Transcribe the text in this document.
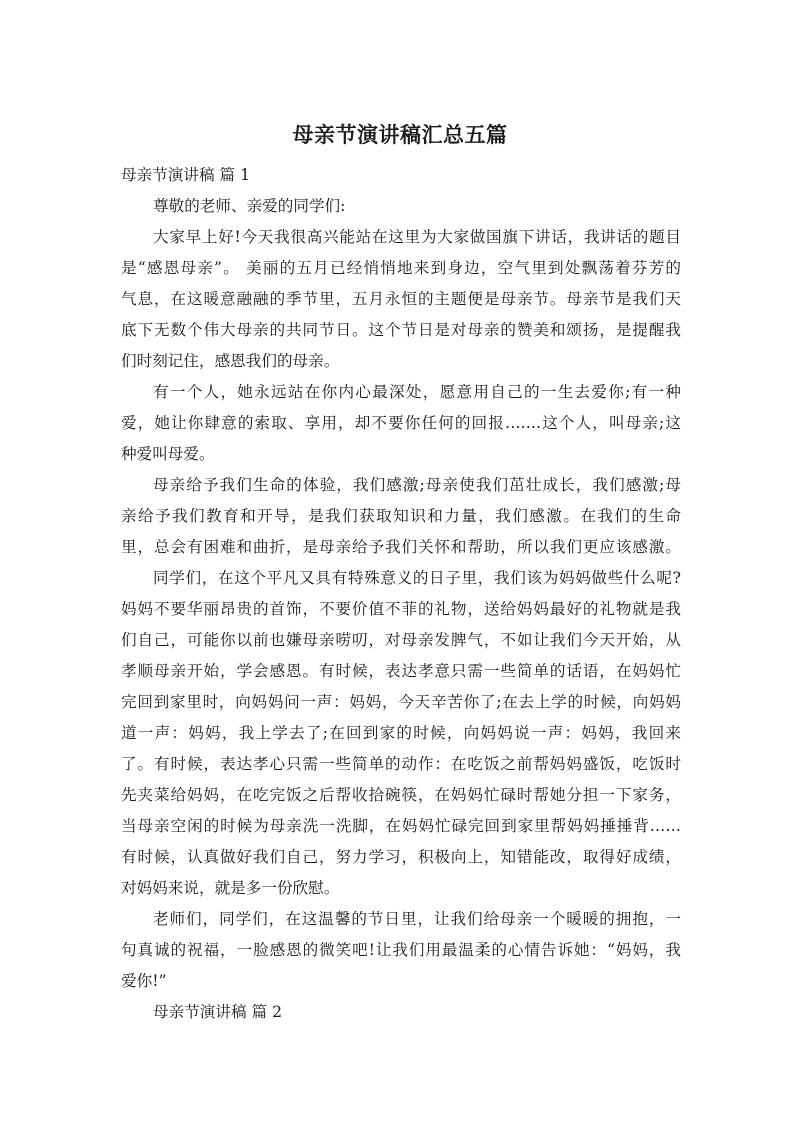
母亲节演讲稿汇总五篇
母亲节演讲稿 篇 1
尊敬的老师、亲爱的同学们:
大家早上好!今天我很高兴能站在这里为大家做国旗下讲话，我讲话的题目
是“感恩母亲”。 美丽的五月已经悄悄地来到身边，空气里到处飘荡着芬芳的
气息，在这暖意融融的季节里，五月永恒的主题便是母亲节。母亲节是我们天
底下无数个伟大母亲的共同节日。这个节日是对母亲的赞美和颂扬，是提醒我
们时刻记住，感恩我们的母亲。
有一个人，她永远站在你内心最深处，愿意用自己的一生去爱你;有一种
爱，她让你肆意的索取、享用，却不要你任何的回报…….这个人，叫母亲;这
种爱叫母爱。
母亲给予我们生命的体验，我们感激;母亲使我们茁壮成长，我们感激;母
亲给予我们教育和开导，是我们获取知识和力量，我们感激。在我们的生命
里，总会有困难和曲折，是母亲给予我们关怀和帮助，所以我们更应该感激。
同学们，在这个平凡又具有特殊意义的日子里，我们该为妈妈做些什么呢?
妈妈不要华丽昂贵的首饰，不要价值不菲的礼物，送给妈妈最好的礼物就是我
们自己，可能你以前也嫌母亲唠叨，对母亲发脾气，不如让我们今天开始，从
孝顺母亲开始，学会感恩。有时候，表达孝意只需一些简单的话语，在妈妈忙
完回到家里时，向妈妈问一声：妈妈，今天辛苦你了;在去上学的时候，向妈妈
道一声：妈妈，我上学去了;在回到家的时候，向妈妈说一声：妈妈，我回来
了。有时候，表达孝心只需一些简单的动作：在吃饭之前帮妈妈盛饭，吃饭时
先夹菜给妈妈，在吃完饭之后帮收拾碗筷，在妈妈忙碌时帮她分担一下家务，
当母亲空闲的时候为母亲洗一洗脚，在妈妈忙碌完回到家里帮妈妈捶捶背……
有时候，认真做好我们自己，努力学习，积极向上，知错能改，取得好成绩，
对妈妈来说，就是多一份欣慰。
老师们，同学们，在这温馨的节日里，让我们给母亲一个暖暖的拥抱，一
句真诚的祝福，一脸感恩的微笑吧!让我们用最温柔的心情告诉她：“妈妈，我
爱你!”
母亲节演讲稿 篇 2
